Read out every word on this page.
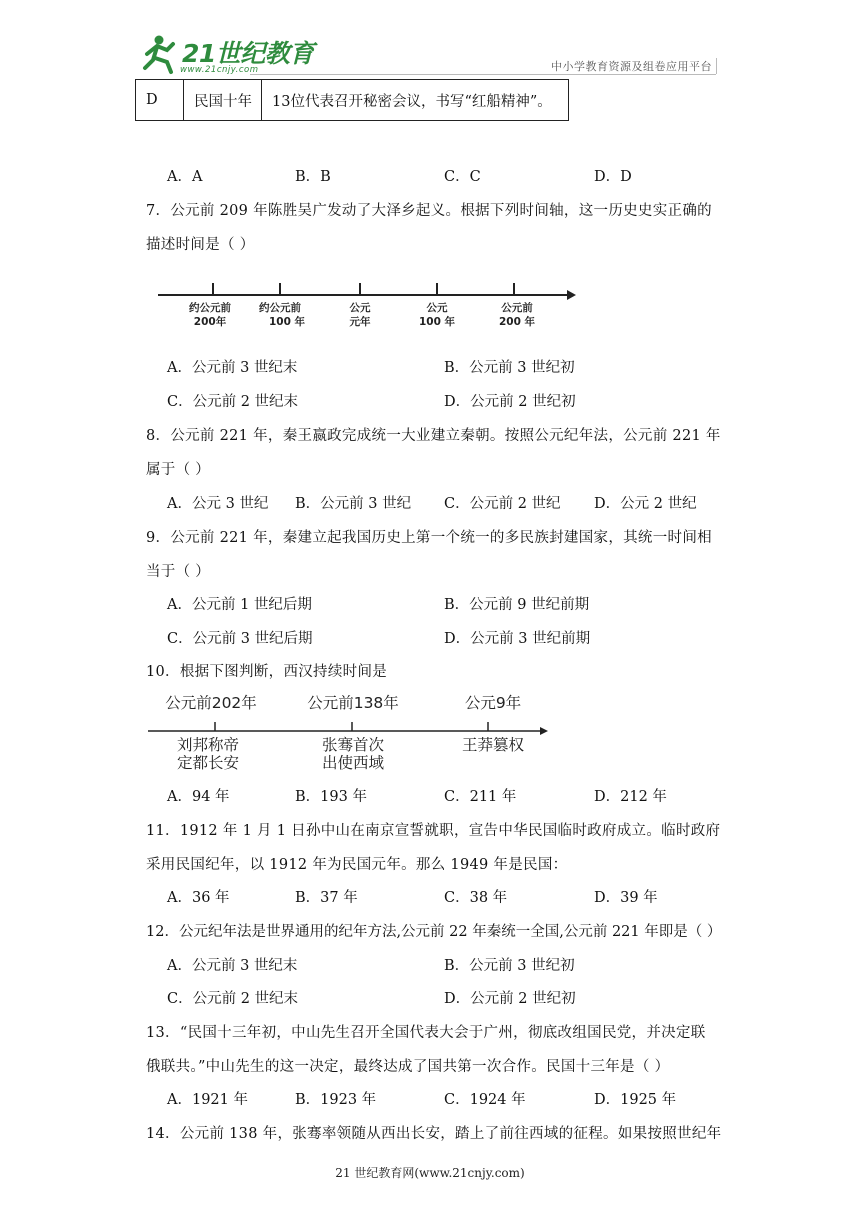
21世纪教育
www.21cnjy.com	中小学教育资源及组卷应用平台
D	民国十年	13位代表召开秘密会议，书写“红船精神”。
A．A	B．B	C．C	D．D
7．公元前 209 年陈胜吴广发动了大泽乡起义。根据下列时间轴，这一历史史实正确的
描述时间是（ ）
约公元前
200年
约公元前
100 年
公元
元年
公元
100 年
公元前
200 年
A．公元前 3 世纪末	B．公元前 3 世纪初
C．公元前 2 世纪末	D．公元前 2 世纪初
8．公元前 221 年，秦王嬴政完成统一大业建立秦朝。按照公元纪年法，公元前 221 年
属于（ ）
A．公元 3 世纪 B．公元前 3 世纪 C．公元前 2 世纪 D．公元 2 世纪
9．公元前 221 年，秦建立起我国历史上第一个统一的多民族封建国家，其统一时间相
当于（ ）
A．公元前 1 世纪后期	B．公元前 9 世纪前期
C．公元前 3 世纪后期	D．公元前 3 世纪前期
10．根据下图判断，西汉持续时间是
公元前202年	公元前138年	公元9年
刘邦称帝
定都长安
张骞首次
出使西域
王莽篡权
A．94 年	B．193 年	C．211 年	D．212 年
11．1912 年 1 月 1 日孙中山在南京宣誓就职，宣告中华民国临时政府成立。临时政府
采用民国纪年，以 1912 年为民国元年。那么 1949 年是民国：
A．36 年	B．37 年	C．38 年	D．39 年
12．公元纪年法是世界通用的纪年方法,公元前 22 年秦统一全国,公元前 221 年即是（ ）
A．公元前 3 世纪末	B．公元前 3 世纪初
C．公元前 2 世纪末	D．公元前 2 世纪初
13．“民国十三年初，中山先生召开全国代表大会于广州，彻底改组国民党，并决定联
俄联共。”中山先生的这一决定，最终达成了国共第一次合作。民国十三年是（ ）
A．1921 年	B．1923 年	C．1924 年	D．1925 年
14．公元前 138 年，张骞率领随从西出长安，踏上了前往西域的征程。如果按照世纪年
21 世纪教育网(www.21cnjy.com)
